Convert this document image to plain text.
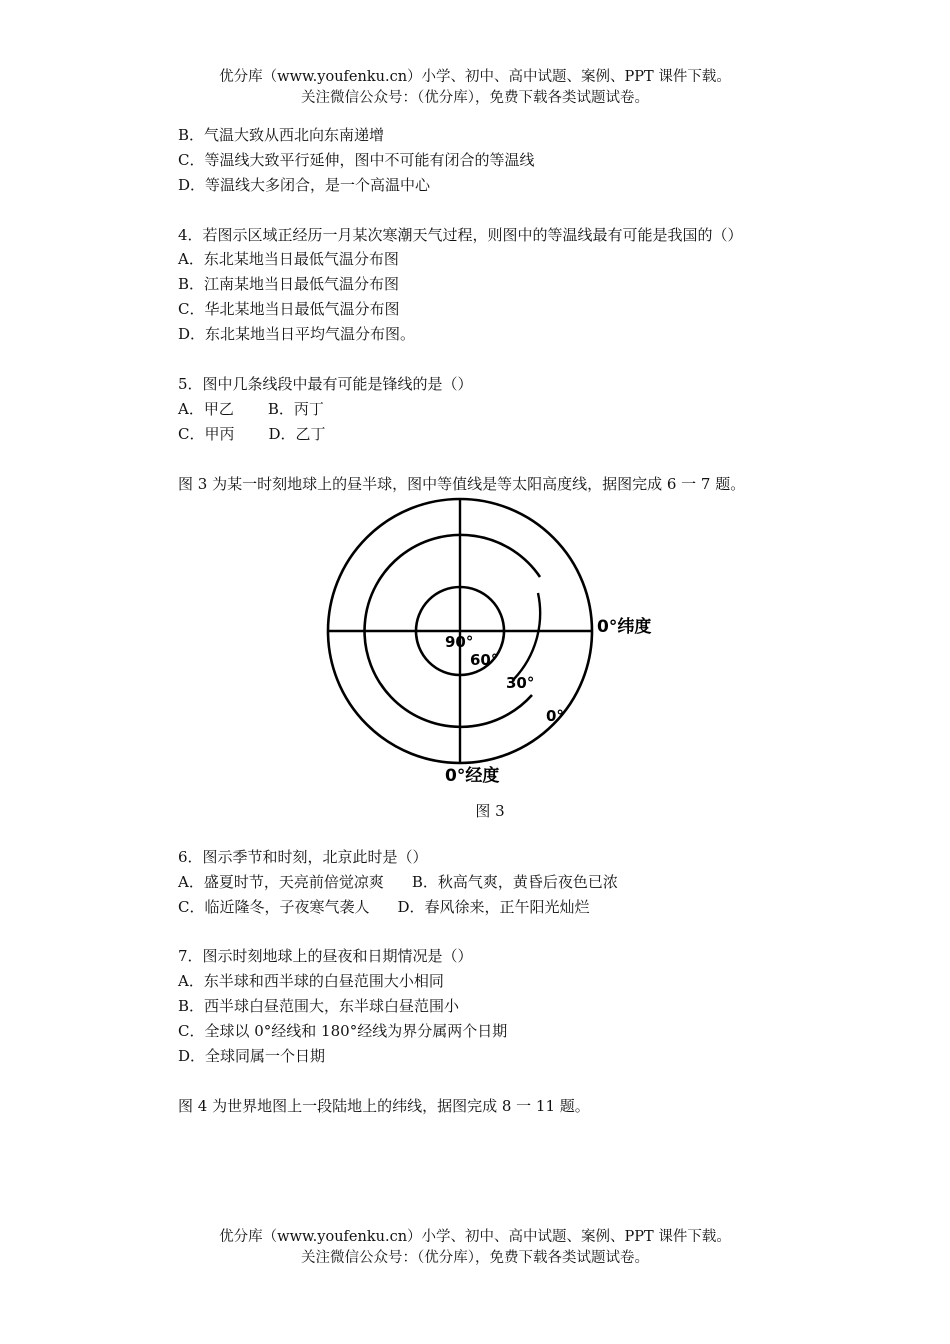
优分库（www.youfenku.cn）小学、初中、高中试题、案例、PPT 课件下载。
关注微信公众号：（优分库），免费下载各类试题试卷。
B．气温大致从西北向东南递增
C．等温线大致平行延伸，图中不可能有闭合的等温线
D．等温线大多闭合，是一个高温中心
4．若图示区域正经历一月某次寒潮天气过程，则图中的等温线最有可能是我国的（）
A．东北某地当日最低气温分布图
B．江南某地当日最低气温分布图
C．华北某地当日最低气温分布图
D．东北某地当日平均气温分布图。
5．图中几条线段中最有可能是锋线的是（）
A．甲乙 B．丙丁
C．甲丙 D．乙丁
图 3 为某一时刻地球上的昼半球，图中等值线是等太阳高度线，据图完成 6 一 7 题。
0°纬度
90°
60°
30°
0°
0°经度
图 3
6．图示季节和时刻，北京此时是（）
A．盛夏时节，天亮前倍觉凉爽 B．秋高气爽，黄昏后夜色已浓
C．临近隆冬，子夜寒气袭人 D．春风徐来，正午阳光灿烂
7．图示时刻地球上的昼夜和日期情况是（）
A．东半球和西半球的白昼范围大小相同
B．西半球白昼范围大，东半球白昼范围小
C．全球以 0°经线和 180°经线为界分属两个日期
D．全球同属一个日期
图 4 为世界地图上一段陆地上的纬线，据图完成 8 一 11 题。
优分库（www.youfenku.cn）小学、初中、高中试题、案例、PPT 课件下载。
关注微信公众号：（优分库），免费下载各类试题试卷。
